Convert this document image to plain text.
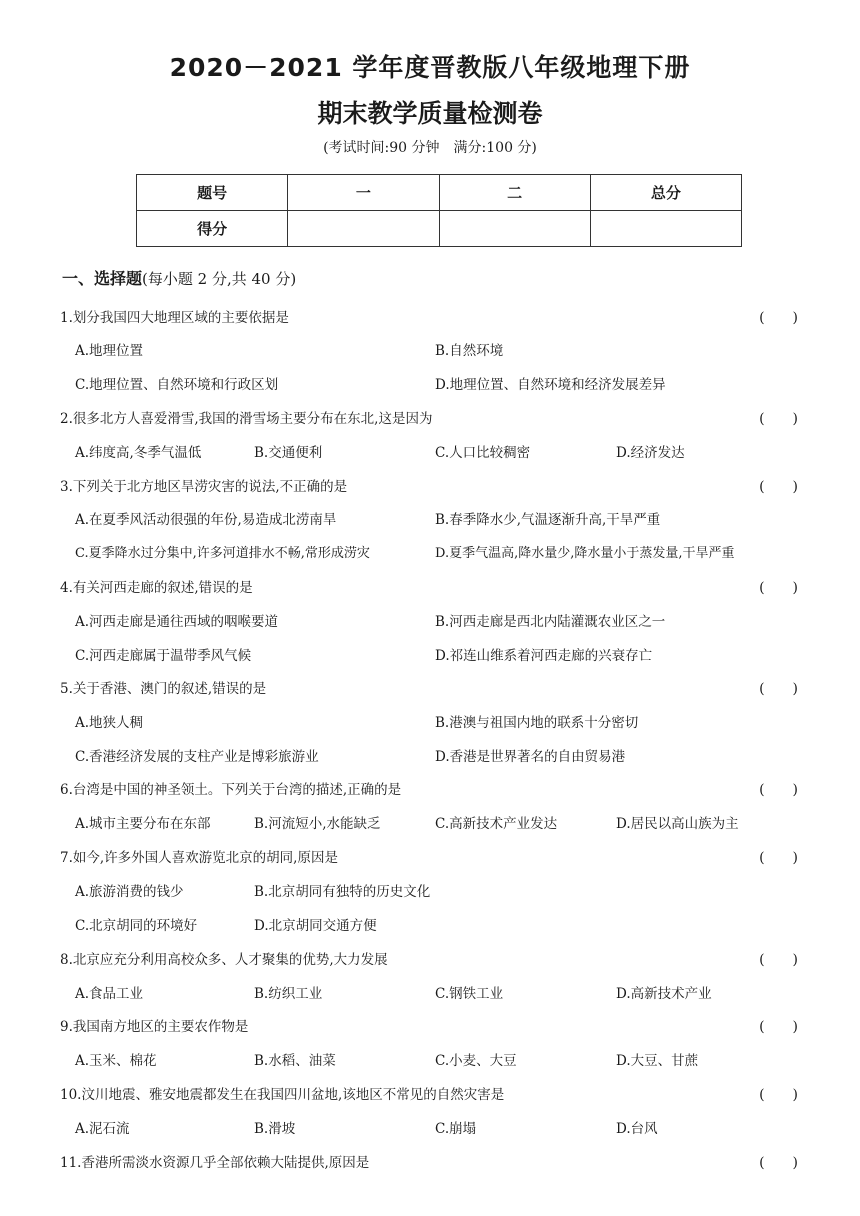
2020－2021 学年度晋教版八年级地理下册
期末教学质量检测卷
(考试时间:90 分钟　满分:100 分)
题号	一	二	总分
得分			
一、选择题(每小题 2 分,共 40 分)
1.划分我国四大地理区域的主要依据是	(　　)
A.地理位置	B.自然环境
C.地理位置、自然环境和行政区划	D.地理位置、自然环境和经济发展差异
2.很多北方人喜爱滑雪,我国的滑雪场主要分布在东北,这是因为	(　　)
A.纬度高,冬季气温低	B.交通便利	C.人口比较稠密	D.经济发达
3.下列关于北方地区旱涝灾害的说法,不正确的是	(　　)
A.在夏季风活动很强的年份,易造成北涝南旱	B.春季降水少,气温逐渐升高,干旱严重
C.夏季降水过分集中,许多河道排水不畅,常形成涝灾	D.夏季气温高,降水量少,降水量小于蒸发量,干旱严重
4.有关河西走廊的叙述,错误的是	(　　)
A.河西走廊是通往西域的咽喉要道	B.河西走廊是西北内陆灌溉农业区之一
C.河西走廊属于温带季风气候	D.祁连山维系着河西走廊的兴衰存亡
5.关于香港、澳门的叙述,错误的是	(　　)
A.地狭人稠	B.港澳与祖国内地的联系十分密切
C.香港经济发展的支柱产业是博彩旅游业	D.香港是世界著名的自由贸易港
6.台湾是中国的神圣领土。下列关于台湾的描述,正确的是	(　　)
A.城市主要分布在东部	B.河流短小,水能缺乏	C.高新技术产业发达	D.居民以高山族为主
7.如今,许多外国人喜欢游览北京的胡同,原因是	(　　)
A.旅游消费的钱少	B.北京胡同有独特的历史文化
C.北京胡同的环境好	D.北京胡同交通方便
8.北京应充分利用高校众多、人才聚集的优势,大力发展	(　　)
A.食品工业	B.纺织工业	C.钢铁工业	D.高新技术产业
9.我国南方地区的主要农作物是	(　　)
A.玉米、棉花	B.水稻、油菜	C.小麦、大豆	D.大豆、甘蔗
10.汶川地震、雅安地震都发生在我国四川盆地,该地区不常见的自然灾害是	(　　)
A.泥石流	B.滑坡	C.崩塌	D.台风
11.香港所需淡水资源几乎全部依赖大陆提供,原因是	(　　)
